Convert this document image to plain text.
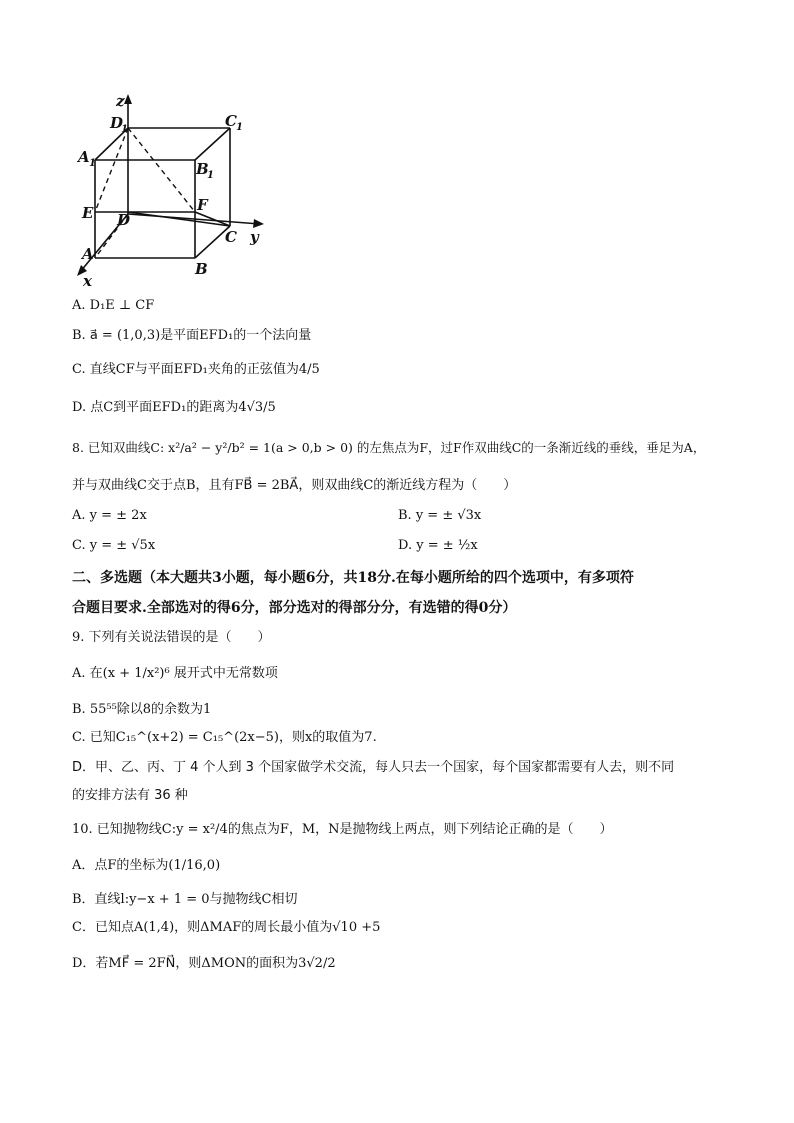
z
y
x
D
1	C 1
A 1	B
1
E	F
D
C
A
B
A. D₁E ⊥ CF
B. a⃗ = (1,0,3)是平面EFD₁的一个法向量
C. 直线CF与平面EFD₁夹角的正弦值为4/5
D. 点C到平面EFD₁的距离为4√3/5
8. 已知双曲线C: x²/a² − y²/b² = 1(a > 0,b > 0) 的左焦点为F，过F作双曲线C的一条渐近线的垂线，垂足为A，
并与双曲线C交于点B，且有FB⃗ = 2BA⃗，则双曲线C的渐近线方程为（　　）
A. y = ± 2x	B. y = ± √3x
C. y = ± √5x	D. y = ± ½x
二、多选题（本大题共3小题，每小题6分，共18分.在每小题所给的四个选项中，有多项符
合题目要求.全部选对的得6分，部分选对的得部分分，有选错的得0分）
9. 下列有关说法错误的是（　　）
A. 在(x + 1/x²)⁶ 展开式中无常数项
B. 55⁵⁵除以8的余数为1
C. 已知C₁₅^(x+2) = C₁₅^(2x−5)，则x的取值为7.
D．甲、乙、丙、丁 4 个人到 3 个国家做学术交流，每人只去一个国家，每个国家都需要有人去，则不同
的安排方法有 36 种
10. 已知抛物线C:y = x²/4的焦点为F，M，N是抛物线上两点，则下列结论正确的是（　　）
A．点F的坐标为(1/16,0)
B．直线l:y−x + 1 = 0与抛物线C相切
C．已知点A(1,4)，则ΔMAF的周长最小值为√10 +5
D．若MF⃗ = 2FN⃗，则ΔMON的面积为3√2/2
